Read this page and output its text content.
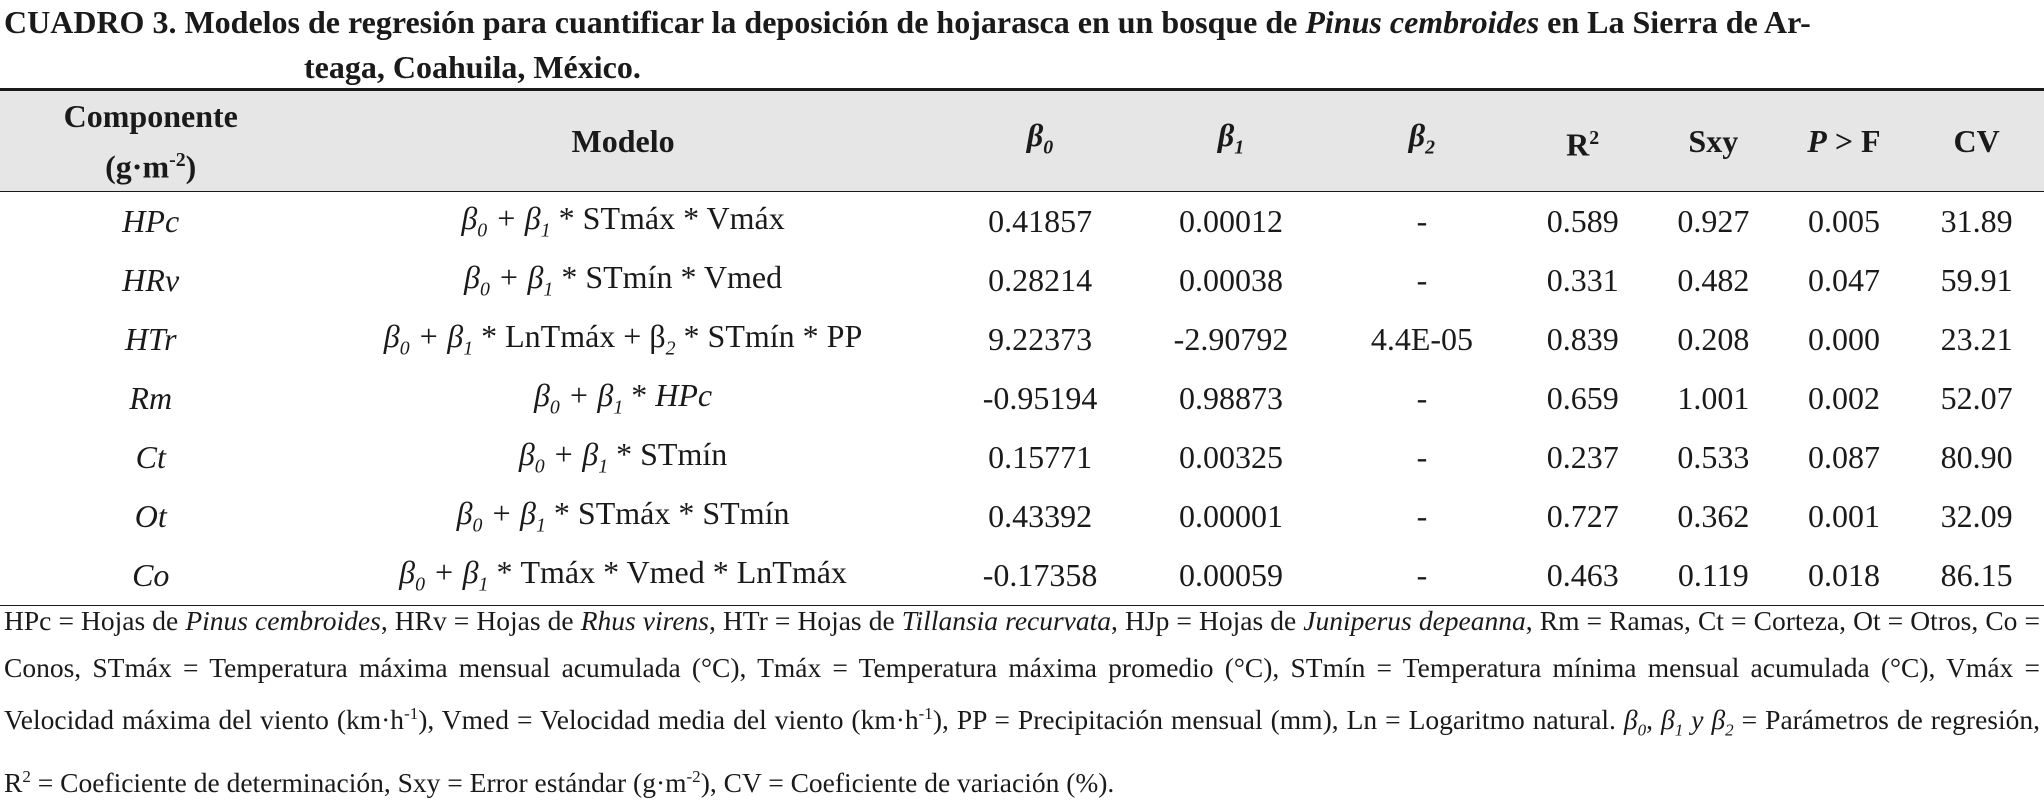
CUADRO 3. Modelos de regresión para cuantificar la deposición de hojarasca en un bosque de Pinus cembroides en La Sierra de Ar-
teaga, Coahuila, México.
Componente
$(g\cdot m^{-2})$	Modelo	$\beta_0$	$\beta_1$	$\beta_2$	$R^2$	Sxy	P > F	CV
HPc	$\beta_0 + \beta_1$ * STmáx * Vmáx	0.41857	0.00012	-	0.589	0.927	0.005	31.89
HRv	$\beta_0 + \beta_1$ * STmín * Vmed	0.28214	0.00038	-	0.331	0.482	0.047	59.91
HTr	$\beta_0 + \beta_1$ * LnTmáx + $\beta_2$ * STmín * PP	9.22373	-2.90792	4.4E-05	0.839	0.208	0.000	23.21
Rm	$\beta_0 + \beta_1$ * HPc	-0.95194	0.98873	-	0.659	1.001	0.002	52.07
Ct	$\beta_0 + \beta_1$ * STmín	0.15771	0.00325	-	0.237	0.533	0.087	80.90
Ot	$\beta_0 + \beta_1$ * STmáx * STmín	0.43392	0.00001	-	0.727	0.362	0.001	32.09
Co	$\beta_0 + \beta_1$ * Tmáx * Vmed * LnTmáx	-0.17358	0.00059	-	0.463	0.119	0.018	86.15
HPc = Hojas de Pinus cembroides, HRv = Hojas de Rhus virens, HTr = Hojas de Tillansia recurvata, HJp = Hojas de Juniperus depeanna, Rm = Ramas, Ct = Corteza, Ot = Otros, Co = Conos, STmáx = Temperatura máxima mensual acumulada (°C), Tmáx = Temperatura máxima promedio (°C), STmín = Temperatura mínima mensual acumulada (°C), Vmáx = Velocidad máxima del viento $(km\cdot h^{-1})$, Vmed = Velocidad media del viento $(km\cdot h^{-1})$, PP = Precipitación mensual (mm), Ln = Logaritmo natural. $\beta_0$, $\beta_1$ y $\beta_2$ = Parámetros de regresión, $R^2$ = Coeficiente de determinación, Sxy = Error estándar $(g\cdot m^{-2})$, CV = Coeficiente de variación (%).
